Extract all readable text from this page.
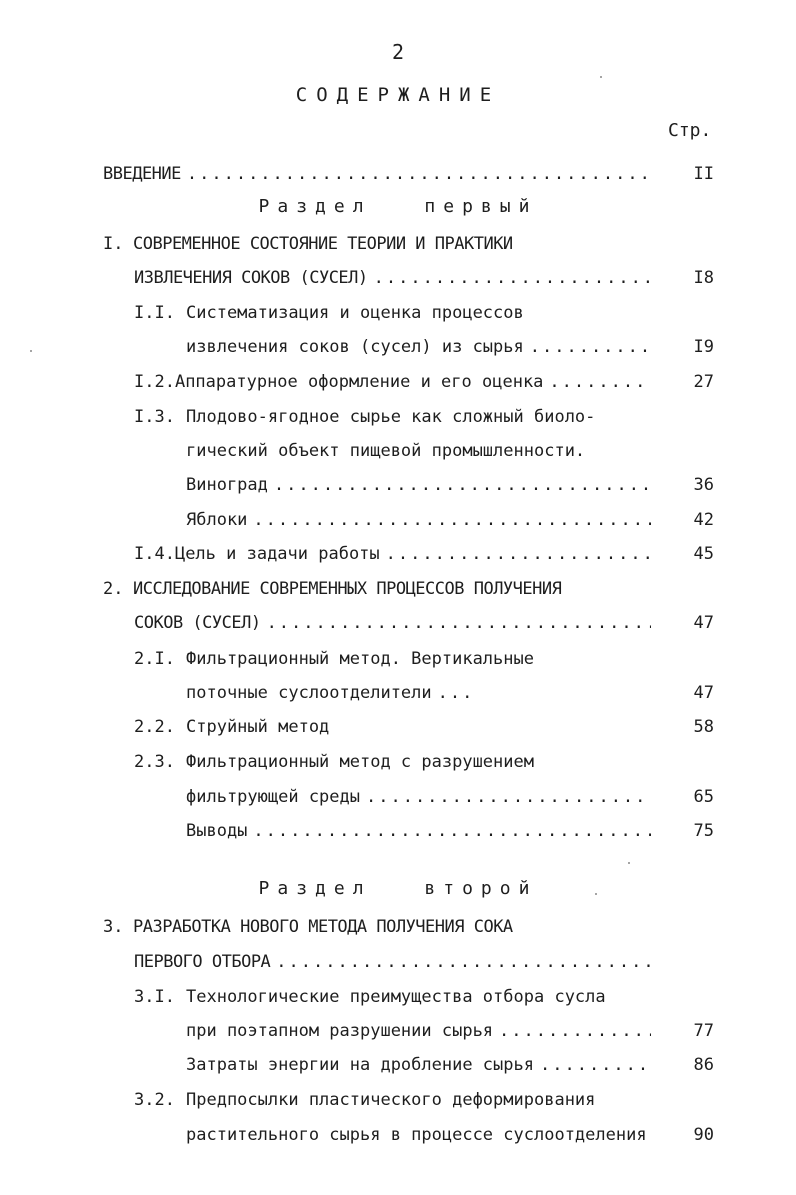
2
СОДЕРЖАНИЕ
Стр.
ВВЕДЕНИЕ .....	II
Раздел первый
I. СОВРЕМЕННОЕ СОСТОЯНИЕ ТЕОРИИ И ПРАКТИКИ
ИЗВЛЕЧЕНИЯ СОКОВ (СУСЕЛ) .....	I8
I.I. Систематизация и оценка процессов
извлечения соков (сусел) из сырья .....	I9
I.2. Аппаратурное оформление и его оценка .....	27
I.3. Плодово-ягодное сырье как сложный биоло-
гический объект пищевой промышленности.
Виноград .....	36
Яблоки .....	42
I.4. Цель и задачи работы .....	45
2. ИССЛЕДОВАНИЕ СОВРЕМЕННЫХ ПРОЦЕССОВ ПОЛУЧЕНИЯ
СОКОВ (СУСЕЛ) .....	47
2.I. Фильтрационный метод. Вертикальные
поточные суслоотделители .....	47
2.2. Струйный метод	58
2.3. Фильтрационный метод с разрушением
фильтрующей среды .....	65
Выводы .....	75
Раздел второй
3. РАЗРАБОТКА НОВОГО МЕТОДА ПОЛУЧЕНИЯ СОКА
ПЕРВОГО ОТБОРА
.....
3.I. Технологические преимущества отбора сусла
при поэтапном разрушении сырья .....	77
Затраты энергии на дробление сырья .....	86
3.2. Предпосылки пластического деформирования
растительного сырья в процессе суслоотделения	90
